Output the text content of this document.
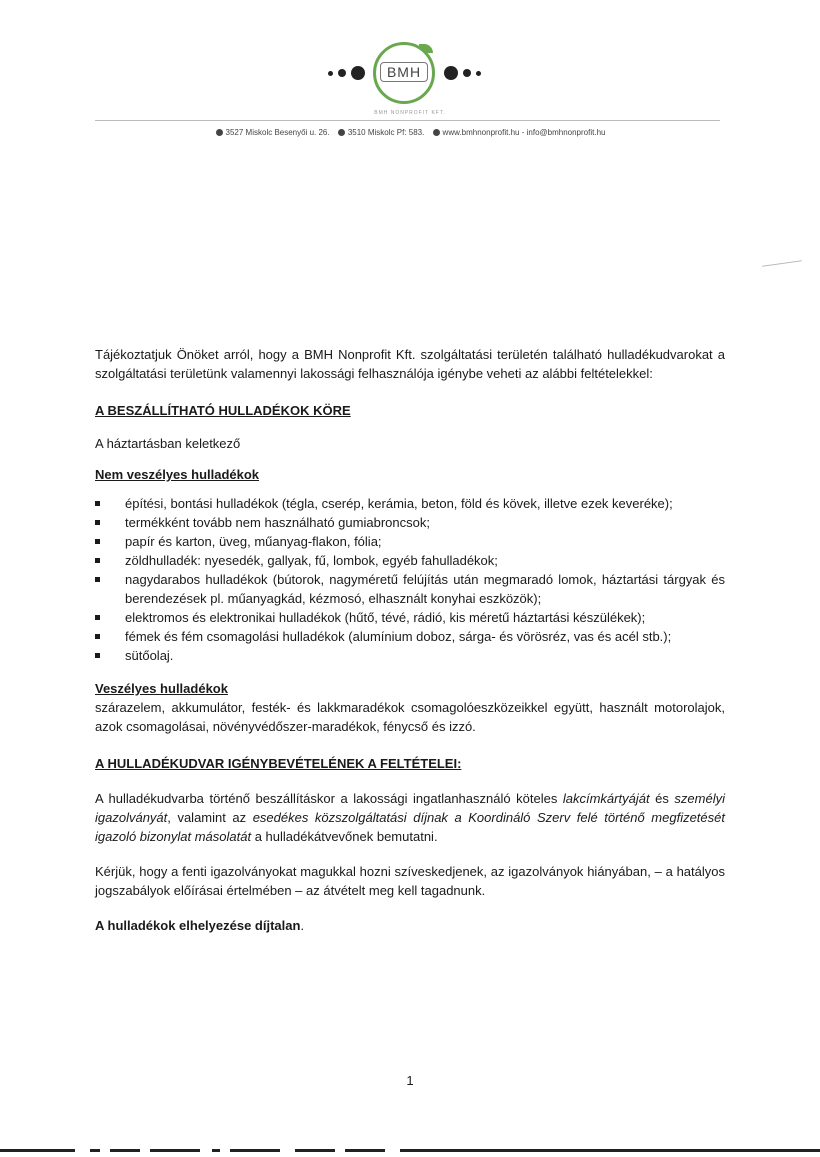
BMH
BMH NONPROFIT KFT.
3527 Miskolc Besenyői u. 26. 3510 Miskolc Pf: 583. www.bmhnonprofit.hu - info@bmhnonprofit.hu

Tájékoztatjuk Önöket arról, hogy a BMH Nonprofit Kft. szolgáltatási területén található hulladékudvarokat a szolgáltatási területünk valamennyi lakossági felhasználója igénybe veheti az alábbi feltételekkel:

A BESZÁLLÍTHATÓ HULLADÉKOK KÖRE

A háztartásban keletkező

Nem veszélyes hulladékok

építési, bontási hulladékok (tégla, cserép, kerámia, beton, föld és kövek, illetve ezek keveréke);
termékként tovább nem használható gumiabroncsok;
papír és karton, üveg, műanyag-flakon, fólia;
zöldhulladék: nyesedék, gallyak, fű, lombok, egyéb fahulladékok;
nagydarabos hulladékok (bútorok, nagyméretű felújítás után megmaradó lomok, háztartási tárgyak és berendezések pl. műanyagkád, kézmosó, elhasznált konyhai eszközök);
elektromos és elektronikai hulladékok (hűtő, tévé, rádió, kis méretű háztartási készülékek);
fémek és fém csomagolási hulladékok (alumínium doboz, sárga- és vörösréz, vas és acél stb.);
sütőolaj.

Veszélyes hulladékok

szárazelem, akkumulátor, festék- és lakkmaradékok csomagolóeszközeikkel együtt, használt motorolajok, azok csomagolásai, növényvédőszer-maradékok, fénycső és izzó.

A HULLADÉKUDVAR IGÉNYBEVÉTELÉNEK A FELTÉTELEI:

A hulladékudvarba történő beszállításkor a lakossági ingatlanhasználó köteles lakcímkártyáját és személyi igazolványát, valamint az esedékes közszolgáltatási díjnak a Koordináló Szerv felé történő megfizetését igazoló bizonylat másolatát a hulladékátvevőnek bemutatni.

Kérjük, hogy a fenti igazolványokat magukkal hozni szíveskedjenek, az igazolványok hiányában, – a hatályos jogszabályok előírásai értelmében – az átvételt meg kell tagadnunk.

A hulladékok elhelyezése díjtalan.

1
